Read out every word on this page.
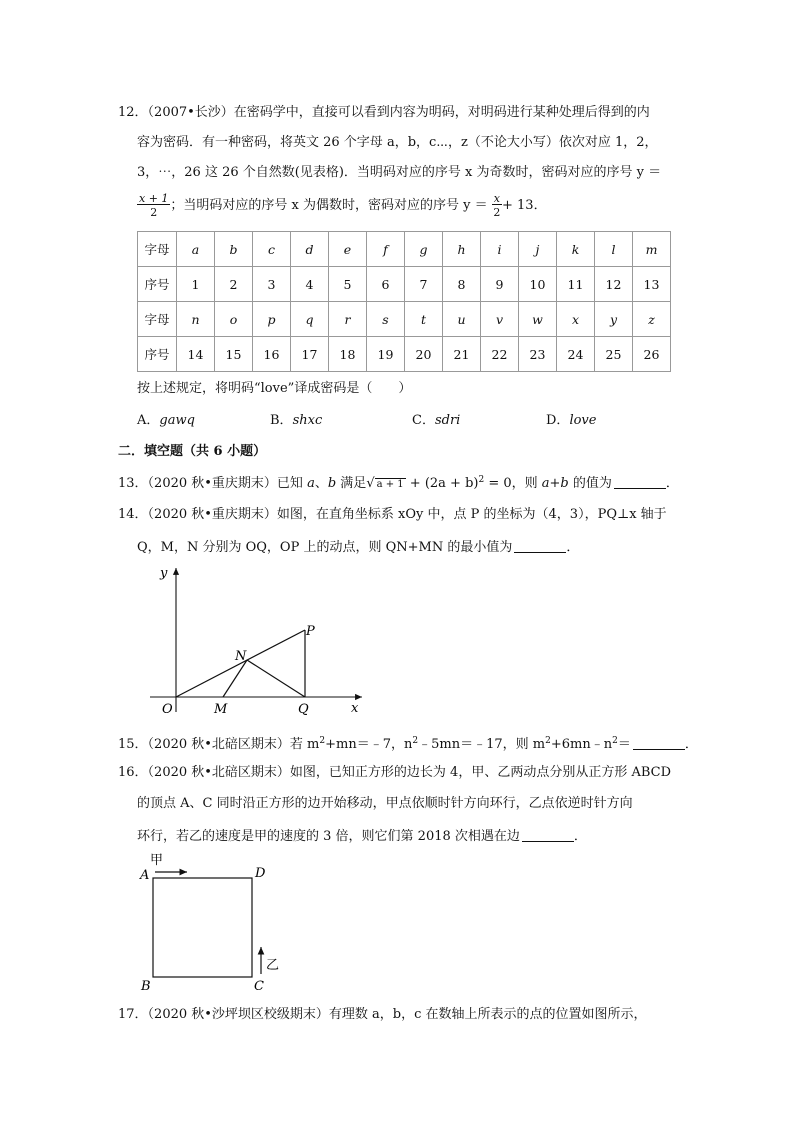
12．（2007•长沙）在密码学中，直接可以看到内容为明码，对明码进行某种处理后得到的内
容为密码．有一种密码，将英文 26 个字母 a，b，c⋯，z（不论大小写）依次对应 1，2，
3，⋯，26 这 26 个自然数(见表格)．当明码对应的序号 x 为奇数时，密码对应的序号 y ＝
$\frac{x + 1}{2}$ ；当明码对应的序号 x 为偶数时，密码对应的序号 $y = \frac{x}{2} + 13$．
字母	a	b	c	d	e	f	g	h	i	j	k	l	m
序号	1	2	3	4	5	6	7	8	9	10	11	12	13
字母	n	o	p	q	r	s	t	u	v	w	x	y	z
序号	14	15	16	17	18	19	20	21	22	23	24	25	26
按上述规定，将明码“love”译成密码是（　　）
A．gawq	B．shxc	C．sdri	D．love
二．填空题（共 6 小题）
13．（2020 秋•重庆期末）已知 a、b 满足√ $a + 1 + (2a + b)^2 = 0$，则 a+b 的值为	．
14．（2020 秋•重庆期末）如图，在直角坐标系 xOy 中，点 P 的坐标为（4，3），PQ⊥x 轴于
Q，M，N 分别为 OQ，OP 上的动点，则 QN+MN 的最小值为	．
y
x
O	M	Q
N
P
15．（2020 秋•北碚区期末）若 $m^2+mn=﹣7$，$n^2﹣5mn=﹣17$，则 $m^2+6mn﹣n^2=$	．
16．（2020 秋•北碚区期末）如图，已知正方形的边长为 4，甲、乙两动点分别从正方形 ABCD
的顶点 A、C 同时沿正方形的边开始移动，甲点依顺时针方向环行，乙点依逆时针方向
环行，若乙的速度是甲的速度的 3 倍，则它们第 2018 次相遇在边	．
甲
乙
A	D
B	C
17．（2020 秋•沙坪坝区校级期末）有理数 a，b，c 在数轴上所表示的点的位置如图所示，
